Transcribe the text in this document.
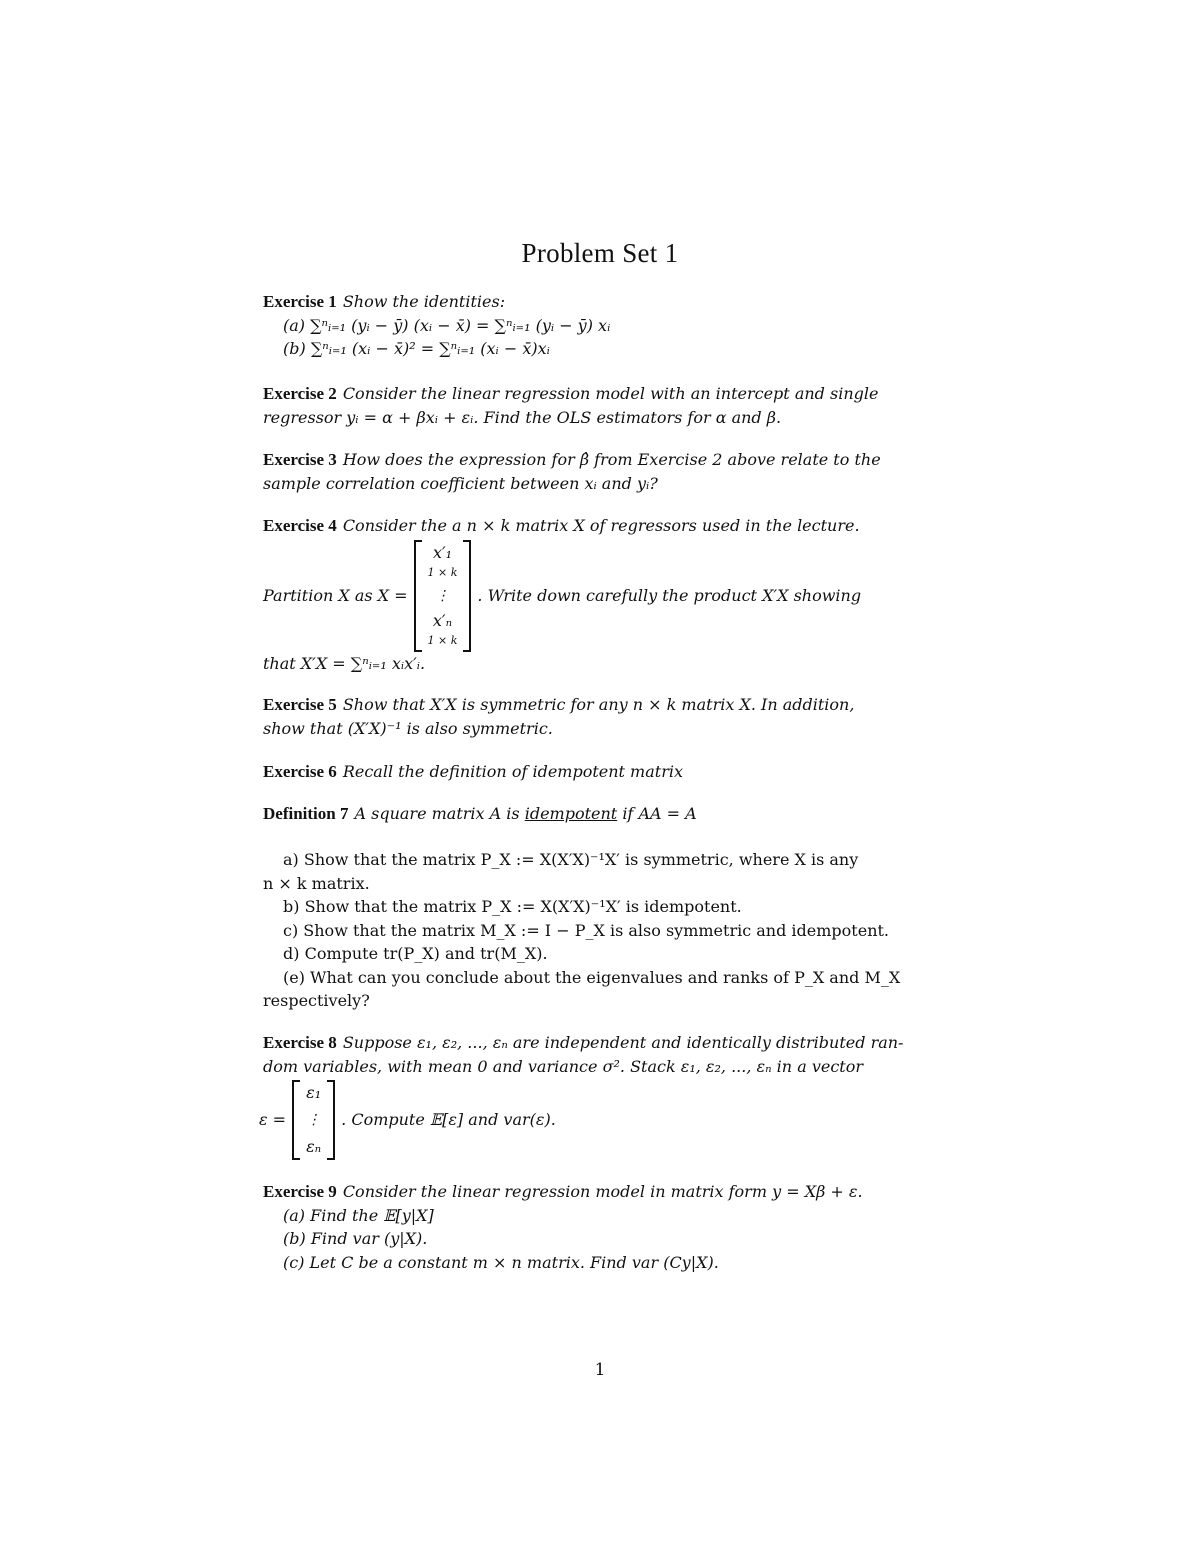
Problem Set 1
Exercise 1 Show the identities:
(a) ∑ⁿᵢ₌₁ (yᵢ − ȳ) (xᵢ − x̄) = ∑ⁿᵢ₌₁ (yᵢ − ȳ) xᵢ
(b) ∑ⁿᵢ₌₁ (xᵢ − x̄)² = ∑ⁿᵢ₌₁ (xᵢ − x̄)xᵢ
Exercise 2 Consider the linear regression model with an intercept and single
regressor yᵢ = α + βxᵢ + εᵢ. Find the OLS estimators for α and β.
Exercise 3 How does the expression for β̂ from Exercise 2 above relate to the
sample correlation coefficient between xᵢ and yᵢ?
Exercise 4 Consider the a n × k matrix X of regressors used in the lecture.
Partition X as X =
x′₁
1 × k
⋮
x′ₙ
1 × k
. Write down carefully the product X′X showing
that X′X = ∑ⁿᵢ₌₁ xᵢx′ᵢ.
Exercise 5 Show that X′X is symmetric for any n × k matrix X. In addition,
show that (X′X)⁻¹ is also symmetric.
Exercise 6 Recall the definition of idempotent matrix
Definition 7 A square matrix A is idempotent if AA = A
a) Show that the matrix P_X := X(X′X)⁻¹X′ is symmetric, where X is any
n × k matrix.
b) Show that the matrix P_X := X(X′X)⁻¹X′ is idempotent.
c) Show that the matrix M_X := I − P_X is also symmetric and idempotent.
d) Compute tr(P_X) and tr(M_X).
(e) What can you conclude about the eigenvalues and ranks of P_X and M_X
respectively?
Exercise 8 Suppose ε₁, ε₂, ..., εₙ are independent and identically distributed ran-
dom variables, with mean 0 and variance σ². Stack ε₁, ε₂, ..., εₙ in a vector
ε =
ε₁
⋮
εₙ
. Compute 𝔼[ε] and var(ε).
Exercise 9 Consider the linear regression model in matrix form y = Xβ + ε.
(a) Find the 𝔼[y|X]
(b) Find var (y|X).
(c) Let C be a constant m × n matrix. Find var (Cy|X).
1
